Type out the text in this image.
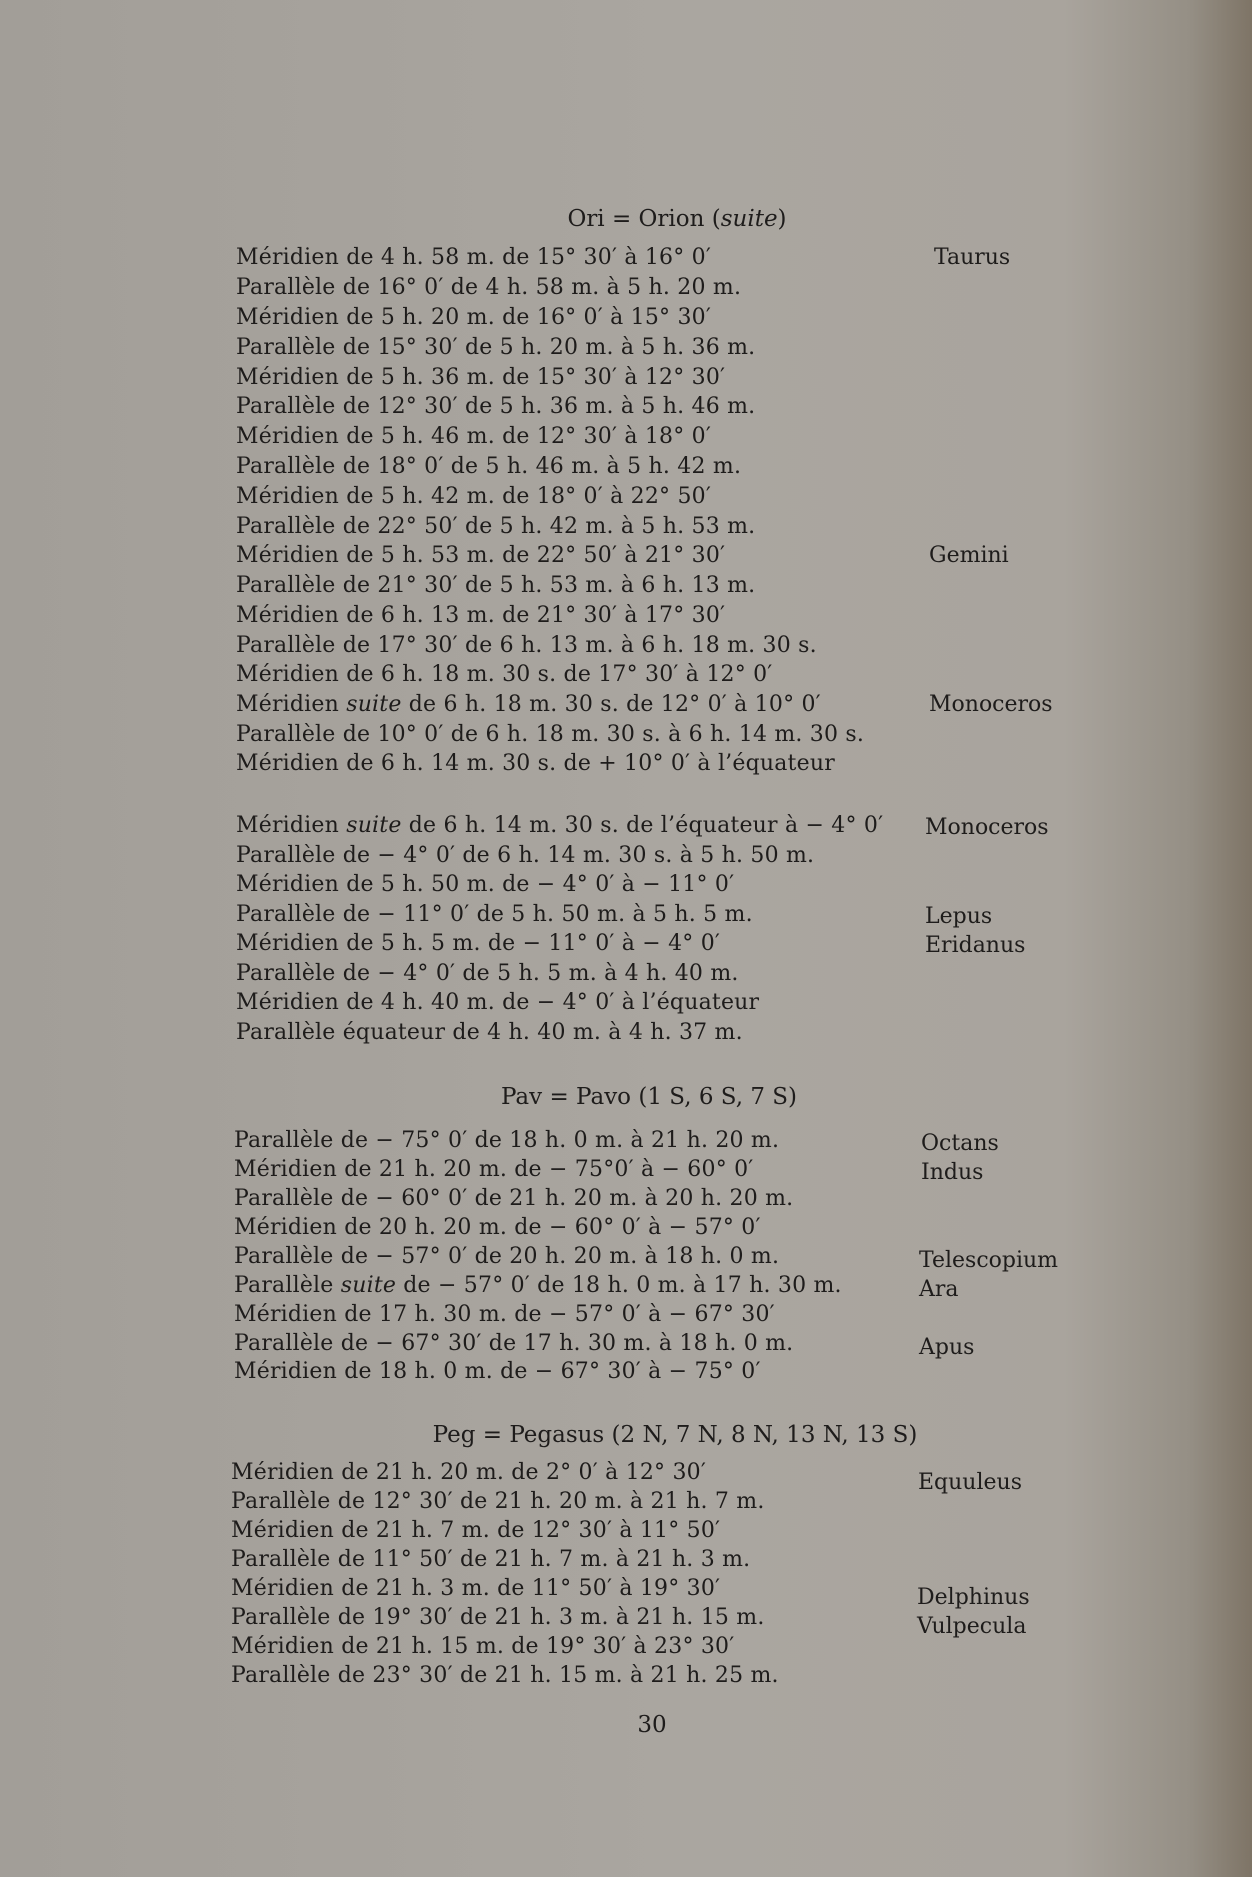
Ori = Orion (suite)
Méridien de 4 h. 58 m. de 15° 30′ à 16° 0′	Taurus
Parallèle de 16° 0′ de 4 h. 58 m. à 5 h. 20 m.
Méridien de 5 h. 20 m. de 16° 0′ à 15° 30′
Parallèle de 15° 30′ de 5 h. 20 m. à 5 h. 36 m.
Méridien de 5 h. 36 m. de 15° 30′ à 12° 30′
Parallèle de 12° 30′ de 5 h. 36 m. à 5 h. 46 m.
Méridien de 5 h. 46 m. de 12° 30′ à 18° 0′
Parallèle de 18° 0′ de 5 h. 46 m. à 5 h. 42 m.
Méridien de 5 h. 42 m. de 18° 0′ à 22° 50′
Parallèle de 22° 50′ de 5 h. 42 m. à 5 h. 53 m.
Méridien de 5 h. 53 m. de 22° 50′ à 21° 30′	Gemini
Parallèle de 21° 30′ de 5 h. 53 m. à 6 h. 13 m.
Méridien de 6 h. 13 m. de 21° 30′ à 17° 30′
Parallèle de 17° 30′ de 6 h. 13 m. à 6 h. 18 m. 30 s.
Méridien de 6 h. 18 m. 30 s. de 17° 30′ à 12° 0′
Méridien suite de 6 h. 18 m. 30 s. de 12° 0′ à 10° 0′	Monoceros
Parallèle de 10° 0′ de 6 h. 18 m. 30 s. à 6 h. 14 m. 30 s.
Méridien de 6 h. 14 m. 30 s. de + 10° 0′ à l’équateur
Méridien suite de 6 h. 14 m. 30 s. de l’équateur à − 4° 0′ Monoceros
Parallèle de − 4° 0′ de 6 h. 14 m. 30 s. à 5 h. 50 m.
Méridien de 5 h. 50 m. de − 4° 0′ à − 11° 0′
Parallèle de − 11° 0′ de 5 h. 50 m. à 5 h. 5 m.	Lepus
Méridien de 5 h. 5 m. de − 11° 0′ à − 4° 0′	Eridanus
Parallèle de − 4° 0′ de 5 h. 5 m. à 4 h. 40 m.
Méridien de 4 h. 40 m. de − 4° 0′ à l’équateur
Parallèle équateur de 4 h. 40 m. à 4 h. 37 m.
Pav = Pavo (1 S, 6 S, 7 S)
Parallèle de − 75° 0′ de 18 h. 0 m. à 21 h. 20 m.	Octans
Méridien de 21 h. 20 m. de − 75°0′ à − 60° 0′	Indus
Parallèle de − 60° 0′ de 21 h. 20 m. à 20 h. 20 m.
Méridien de 20 h. 20 m. de − 60° 0′ à − 57° 0′
Parallèle de − 57° 0′ de 20 h. 20 m. à 18 h. 0 m.	Telescopium
Parallèle suite de − 57° 0′ de 18 h. 0 m. à 17 h. 30 m.	Ara
Méridien de 17 h. 30 m. de − 57° 0′ à − 67° 30′
Parallèle de − 67° 30′ de 17 h. 30 m. à 18 h. 0 m.	Apus
Méridien de 18 h. 0 m. de − 67° 30′ à − 75° 0′
Peg = Pegasus (2 N, 7 N, 8 N, 13 N, 13 S)
Méridien de 21 h. 20 m. de 2° 0′ à 12° 30′	Equuleus
Parallèle de 12° 30′ de 21 h. 20 m. à 21 h. 7 m.
Méridien de 21 h. 7 m. de 12° 30′ à 11° 50′
Parallèle de 11° 50′ de 21 h. 7 m. à 21 h. 3 m.
Méridien de 21 h. 3 m. de 11° 50′ à 19° 30′	Delphinus
Parallèle de 19° 30′ de 21 h. 3 m. à 21 h. 15 m.	Vulpecula
Méridien de 21 h. 15 m. de 19° 30′ à 23° 30′
Parallèle de 23° 30′ de 21 h. 15 m. à 21 h. 25 m.
30
